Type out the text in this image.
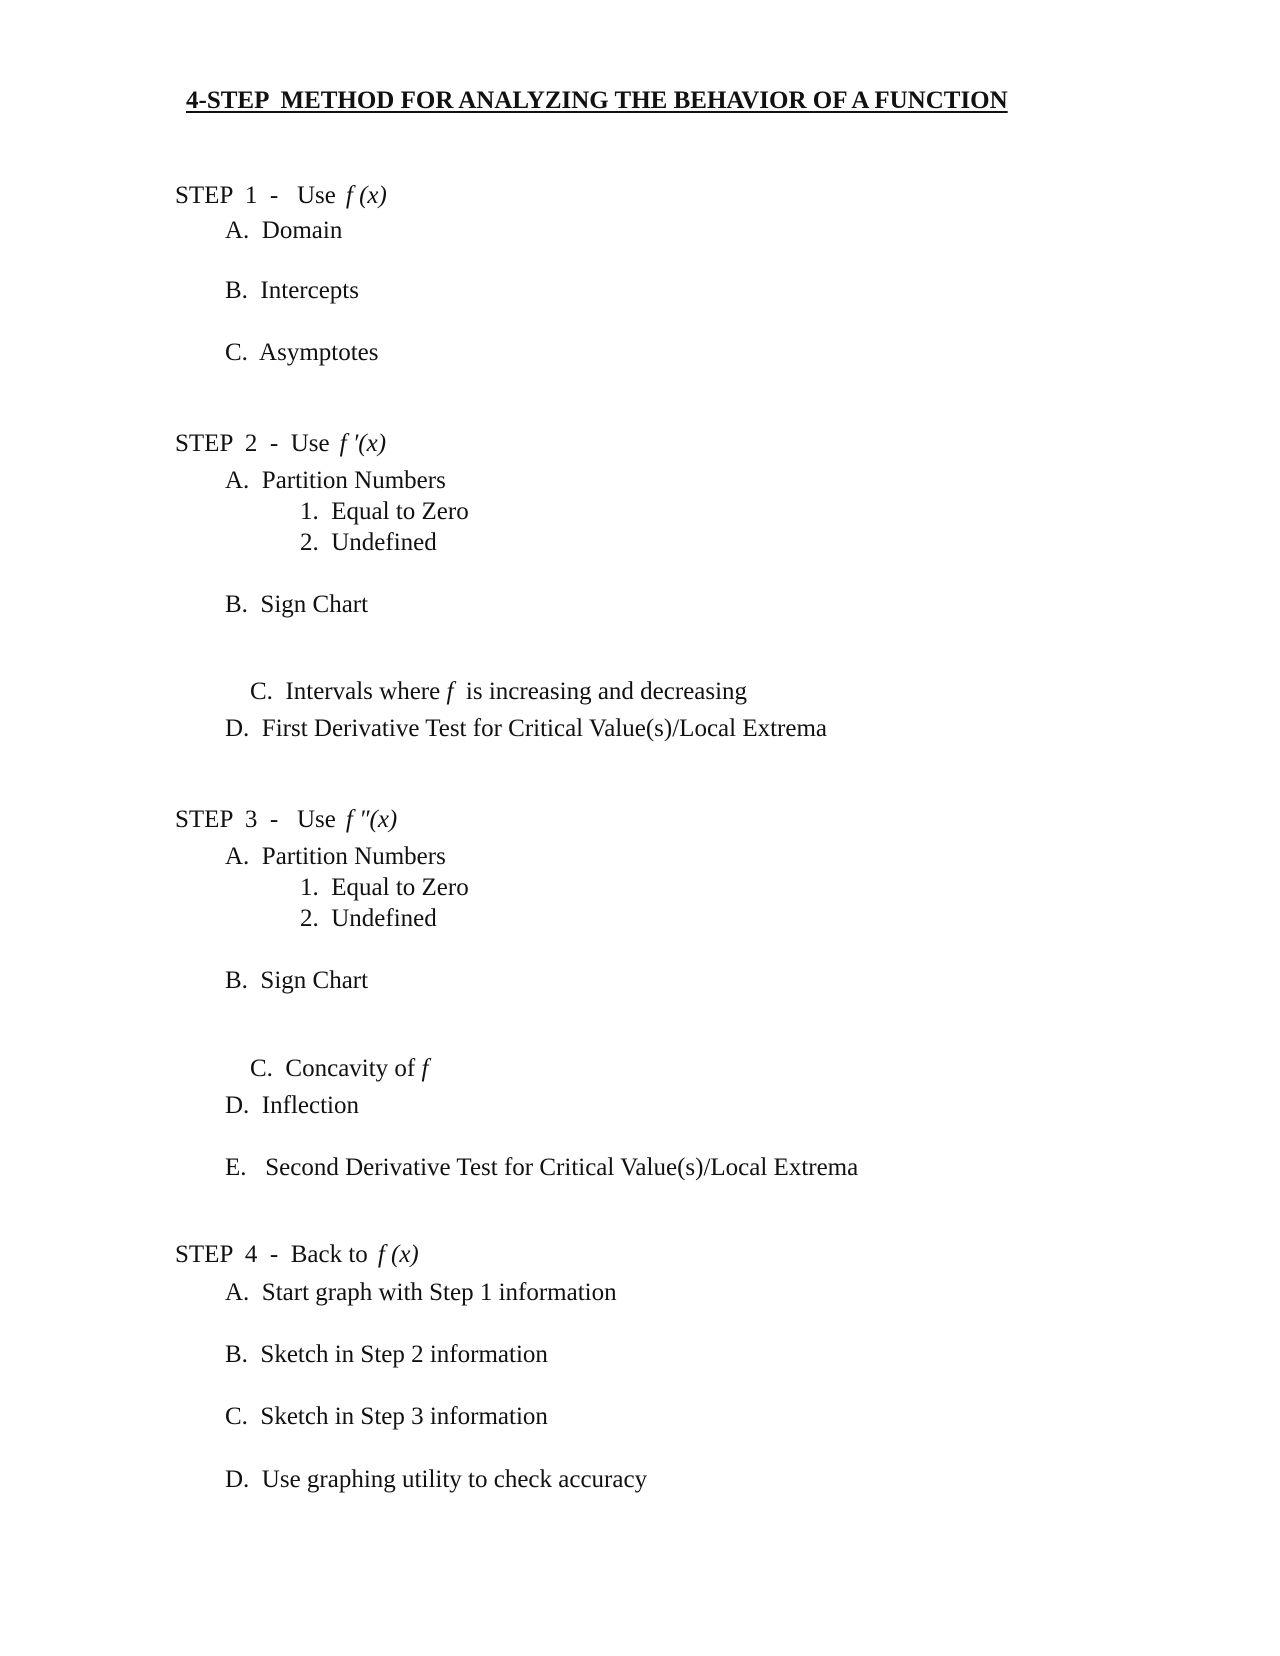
4-STEP  METHOD FOR ANALYZING THE BEHAVIOR OF A FUNCTION

STEP  1  -   Use f (x)

A.  Domain
B.  Intercepts
C.  Asymptotes

STEP  2  -  Use f ′(x)

A.  Partition Numbers
1.  Equal to Zero
2.  Undefined
B.  Sign Chart

C.  Intervals where f  is increasing and decreasing

D.  First Derivative Test for Critical Value(s)/Local Extrema

STEP  3  -   Use f ″(x)

A.  Partition Numbers
1.  Equal to Zero
2.  Undefined
B.  Sign Chart

C.  Concavity of f

D.  Inflection
E.   Second Derivative Test for Critical Value(s)/Local Extrema

STEP  4  -  Back to f (x)

A.  Start graph with Step 1 information
B.  Sketch in Step 2 information
C.  Sketch in Step 3 information
D.  Use graphing utility to check accuracy
